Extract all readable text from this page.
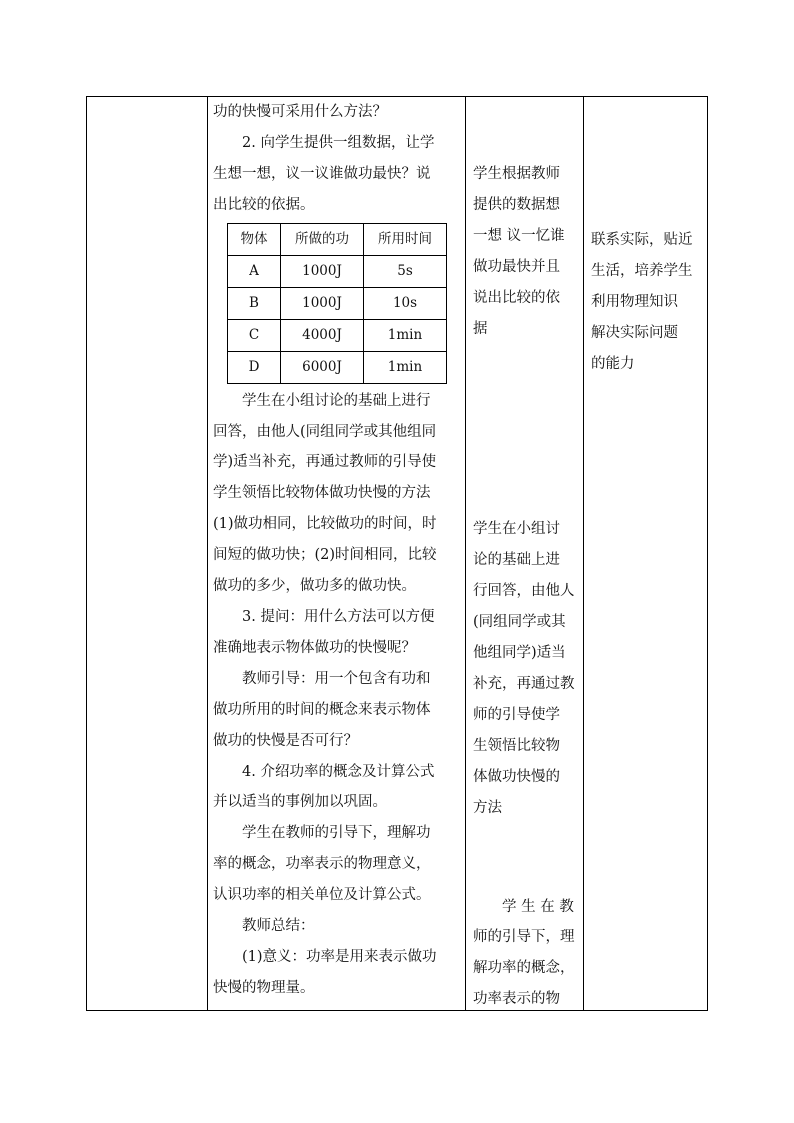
功的快慢可采用什么方法？

2. 向学生提供一组数据，让学

生想一想，议一议谁做功最快？说

出比较的依据。

物体	所做的功	所用时间
A	1000J	5s
B	1000J	10s
C	4000J	1min
D	6000J	1min

学生在小组讨论的基础上进行

回答，由他人(同组同学或其他组同

学)适当补充，再通过教师的引导使

学生领悟比较物体做功快慢的方法

(1)做功相同，比较做功的时间，时

间短的做功快；(2)时间相同，比较

做功的多少，做功多的做功快。

3. 提问：用什么方法可以方便

准确地表示物体做功的快慢呢？

教师引导：用一个包含有功和

做功所用的时间的概念来表示物体

做功的快慢是否可行？

4. 介绍功率的概念及计算公式

并以适当的事例加以巩固。

学生在教师的引导下，理解功

率的概念，功率表示的物理意义，

认识功率的相关单位及计算公式。

教师总结：

(1)意义：功率是用来表示做功

快慢的物理量。

学生根据教师

提供的数据想

一想 议一忆谁

做功最快并且

说出比较的依

据

学生在小组讨

论的基础上进

行回答，由他人

(同组同学或其

他组同学)适当

补充，再通过教

师的引导使学

生领悟比较物

体做功快慢的

方法

学 生 在 教

师的引导下，理

解功率的概念，

功率表示的物

联系实际，贴近

生活，培养学生

利用物理知识

解决实际问题

的能力
